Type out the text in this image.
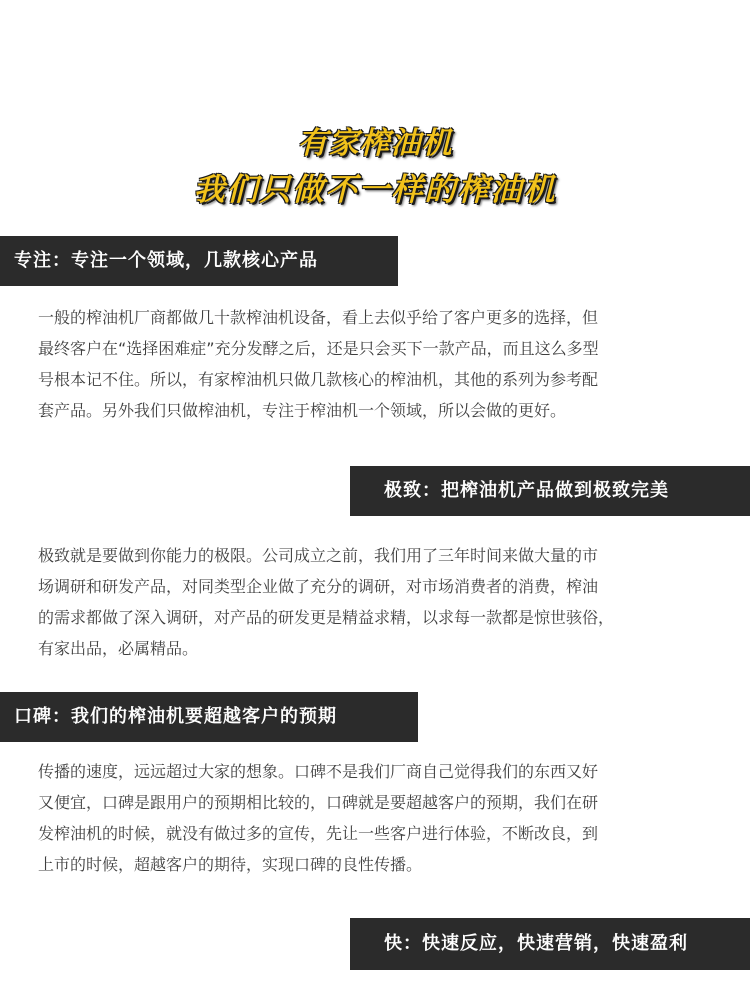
有家榨油机
我们只做不一样的榨油机
专注：专注一个领域，几款核心产品
一般的榨油机厂商都做几十款榨油机设备，看上去似乎给了客户更多的选择，但
最终客户在“选择困难症”充分发酵之后，还是只会买下一款产品，而且这么多型
号根本记不住。所以，有家榨油机只做几款核心的榨油机，其他的系列为参考配
套产品。另外我们只做榨油机，专注于榨油机一个领域，所以会做的更好。
极致：把榨油机产品做到极致完美
极致就是要做到你能力的极限。公司成立之前，我们用了三年时间来做大量的市
场调研和研发产品，对同类型企业做了充分的调研，对市场消费者的消费，榨油
的需求都做了深入调研，对产品的研发更是精益求精，以求每一款都是惊世骇俗，
有家出品，必属精品。
口碑：我们的榨油机要超越客户的预期
传播的速度，远远超过大家的想象。口碑不是我们厂商自己觉得我们的东西又好
又便宜，口碑是跟用户的预期相比较的，口碑就是要超越客户的预期，我们在研
发榨油机的时候，就没有做过多的宣传，先让一些客户进行体验，不断改良，到
上市的时候，超越客户的期待，实现口碑的良性传播。
快：快速反应，快速营销，快速盈利
